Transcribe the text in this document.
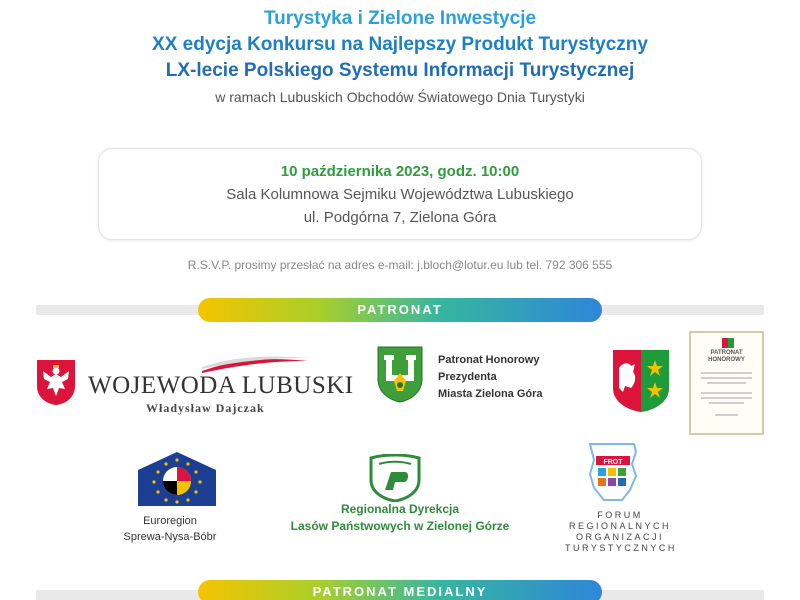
Turystyka i Zielone Inwestycje
XX edycja Konkursu na Najlepszy Produkt Turystyczny
LX-lecie Polskiego Systemu Informacji Turystycznej
w ramach Lubuskich Obchodów Światowego Dnia Turystyki
10 października 2023, godz. 10:00
Sala Kolumnowa Sejmiku Województwa Lubuskiego
ul. Podgórna 7, Zielona Góra
R.S.V.P. prosimy przesłać na adres e-mail: j.bloch@lotur.eu lub tel. 792 306 555
PATRONAT
WOJEWODA LUBUSKI
Władysław Dajczak
Patronat Honorowy
Prezydenta
Miasta Zielona Góra
PATRONAT
HONOROWY
Euroregion
Sprewa-Nysa-Bóbr
Regionalna Dyrekcja
Lasów Państwowych w Zielonej Górze
FROT
FORUM
REGIONALNYCH
ORGANIZACJI
TURYSTYCZNYCH
PATRONAT MEDIALNY
